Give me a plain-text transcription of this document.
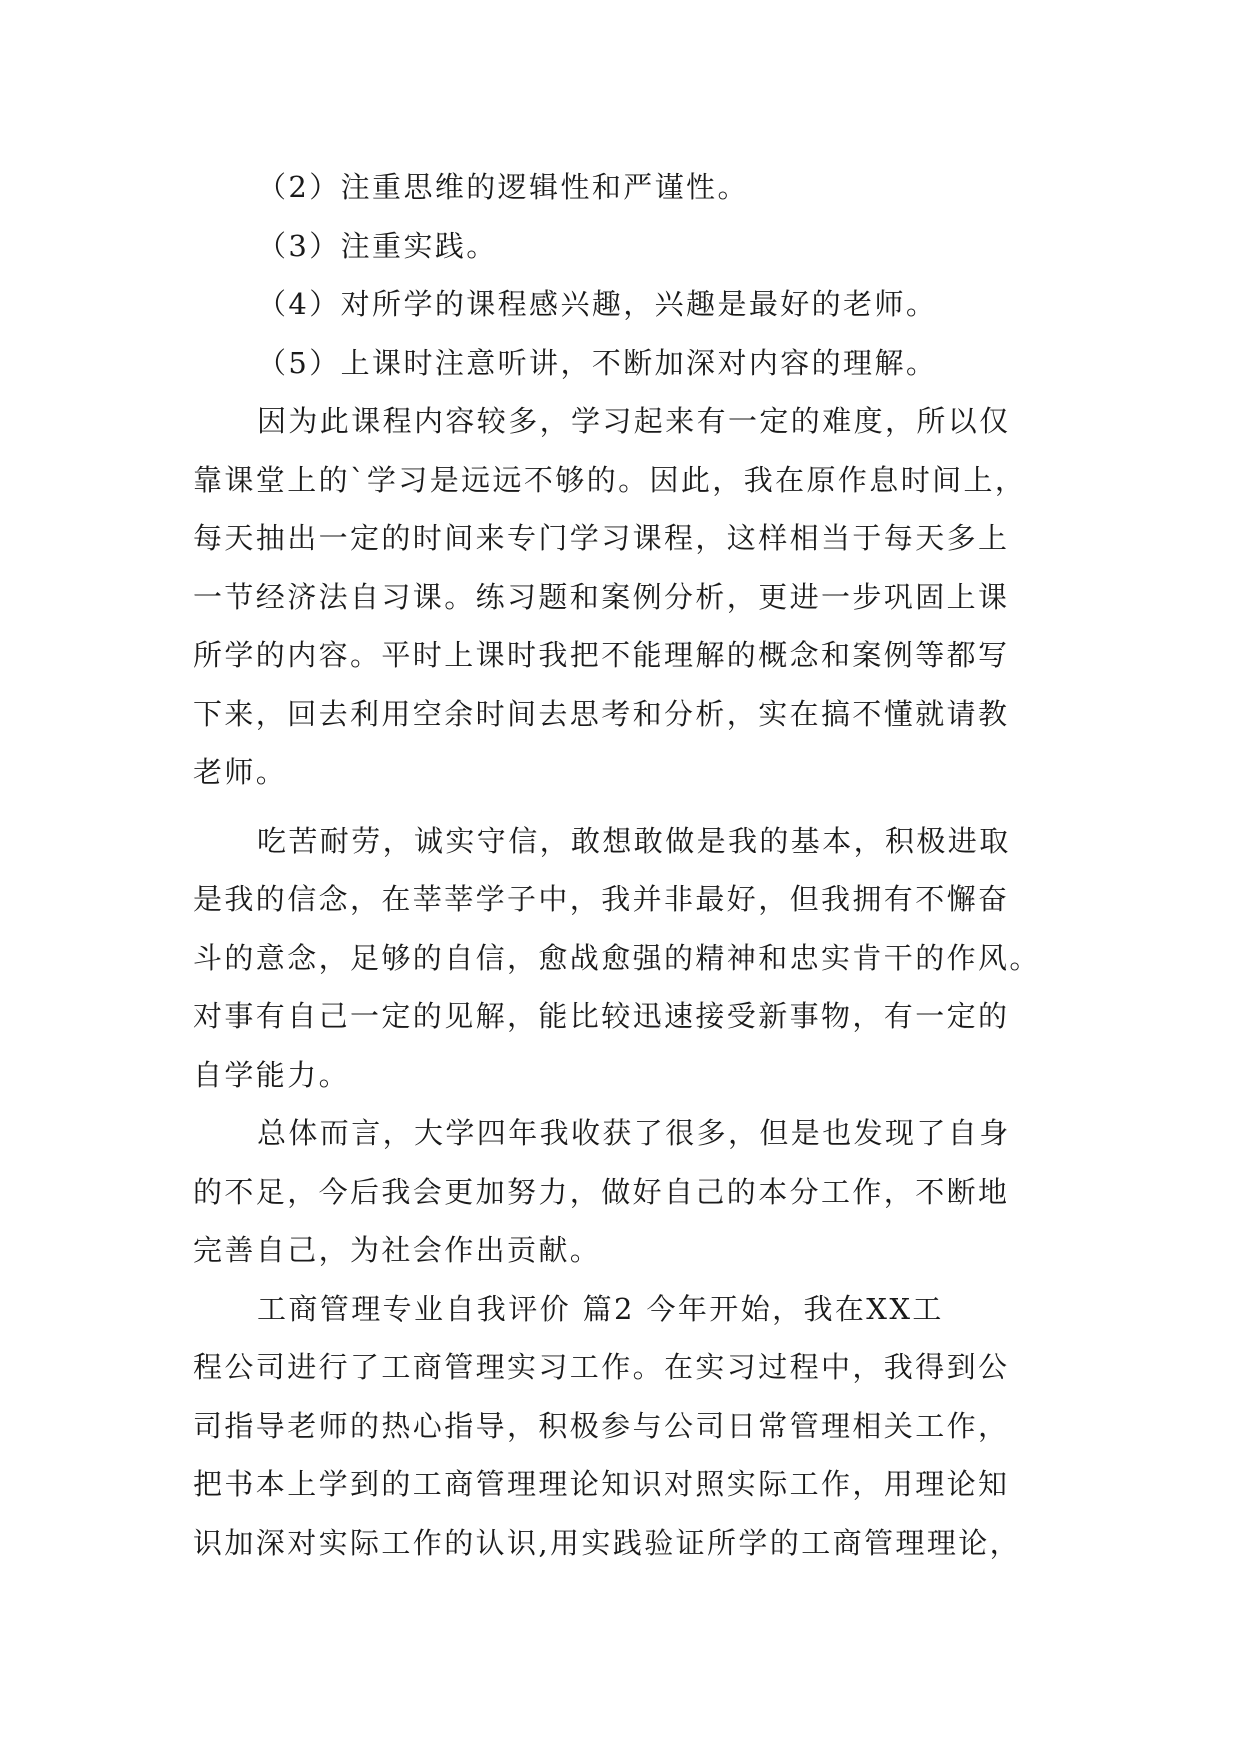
（2）注重思维的逻辑性和严谨性。
（3）注重实践。
（4）对所学的课程感兴趣，兴趣是最好的老师。
（5）上课时注意听讲，不断加深对内容的理解。
因为此课程内容较多，学习起来有一定的难度，所以仅
靠课堂上的`学习是远远不够的。因此，我在原作息时间上，
每天抽出一定的时间来专门学习课程，这样相当于每天多上
一节经济法自习课。练习题和案例分析，更进一步巩固上课
所学的内容。平时上课时我把不能理解的概念和案例等都写
下来，回去利用空余时间去思考和分析，实在搞不懂就请教
老师。
吃苦耐劳，诚实守信，敢想敢做是我的基本，积极进取
是我的信念，在莘莘学子中，我并非最好，但我拥有不懈奋
斗的意念，足够的自信，愈战愈强的精神和忠实肯干的作风。
对事有自己一定的见解，能比较迅速接受新事物，有一定的
自学能力。
总体而言，大学四年我收获了很多，但是也发现了自身
的不足，今后我会更加努力，做好自己的本分工作，不断地
完善自己，为社会作出贡献。
工商管理专业自我评价 篇2 今年开始，我在XX工
程公司进行了工商管理实习工作。在实习过程中，我得到公
司指导老师的热心指导，积极参与公司日常管理相关工作，
把书本上学到的工商管理理论知识对照实际工作，用理论知
识加深对实际工作的认识,用实践验证所学的工商管理理论，
